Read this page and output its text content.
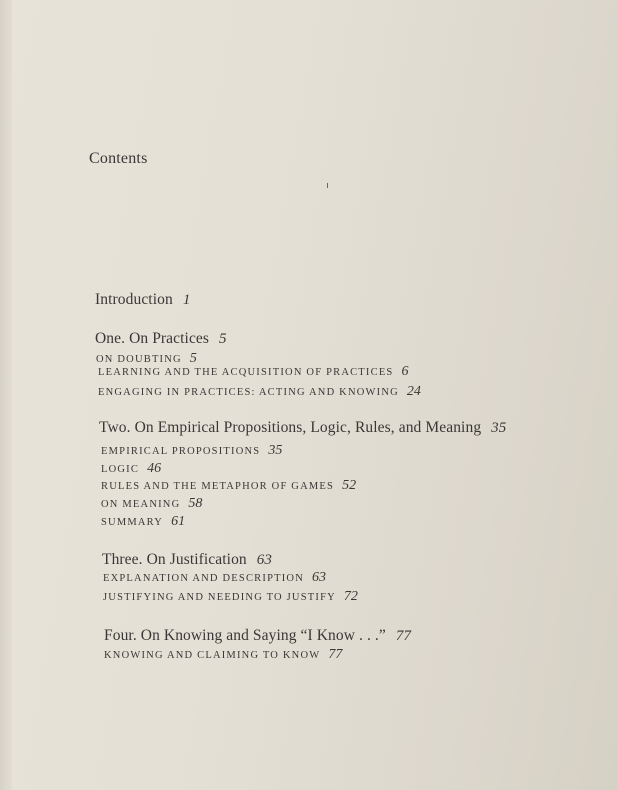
Contents
Introduction 1
One. On Practices 5
ON DOUBTING 5
LEARNING AND THE ACQUISITION OF PRACTICES 6
ENGAGING IN PRACTICES: ACTING AND KNOWING 24
Two. On Empirical Propositions, Logic, Rules, and Meaning 35
EMPIRICAL PROPOSITIONS 35
LOGIC 46
RULES AND THE METAPHOR OF GAMES 52
ON MEANING 58
SUMMARY 61
Three. On Justification 63
EXPLANATION AND DESCRIPTION 63
JUSTIFYING AND NEEDING TO JUSTIFY 72
Four. On Knowing and Saying “I Know . . .” 77
KNOWING AND CLAIMING TO KNOW 77
